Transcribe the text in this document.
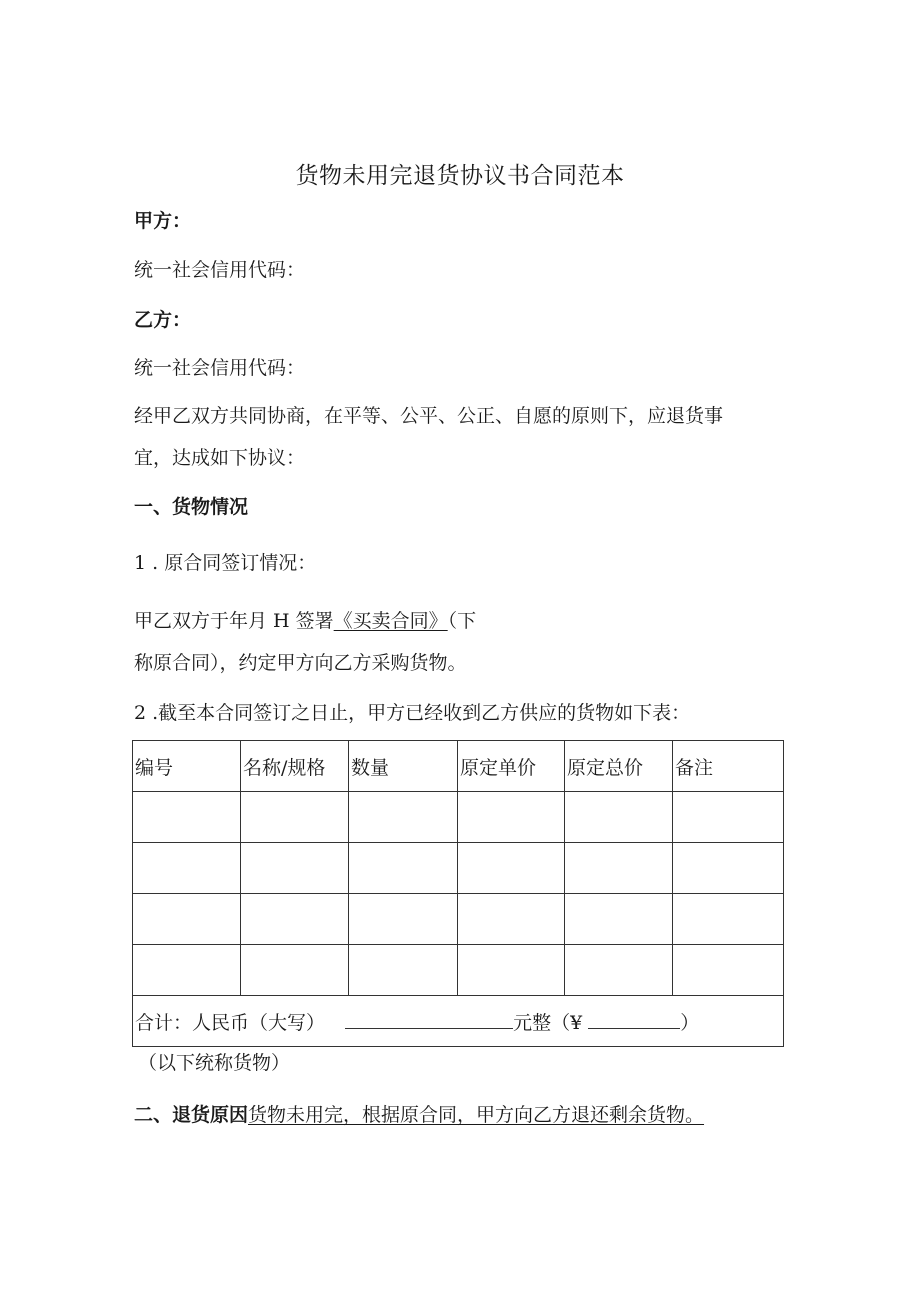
货物未用完退货协议书合同范本
甲方：
统一社会信用代码：
乙方：
统一社会信用代码：
经甲乙双方共同协商，在平等、公平、公正、自愿的原则下，应退货事
宜，达成如下协议：
一、货物情况
1 . 原合同签订情况：
甲乙双方于年月 H 签署《买卖合同》（下
称原合同），约定甲方向乙方采购货物。
2 .截至本合同签订之日止，甲方已经收到乙方供应的货物如下表：
编号	名称/规格	数量	原定单价	原定总价	备注

合计：人民币（大写） 元整（¥ ）					
（以下统称货物）
二、退货原因货物未用完，根据原合同，甲方向乙方退还剩余货物。
